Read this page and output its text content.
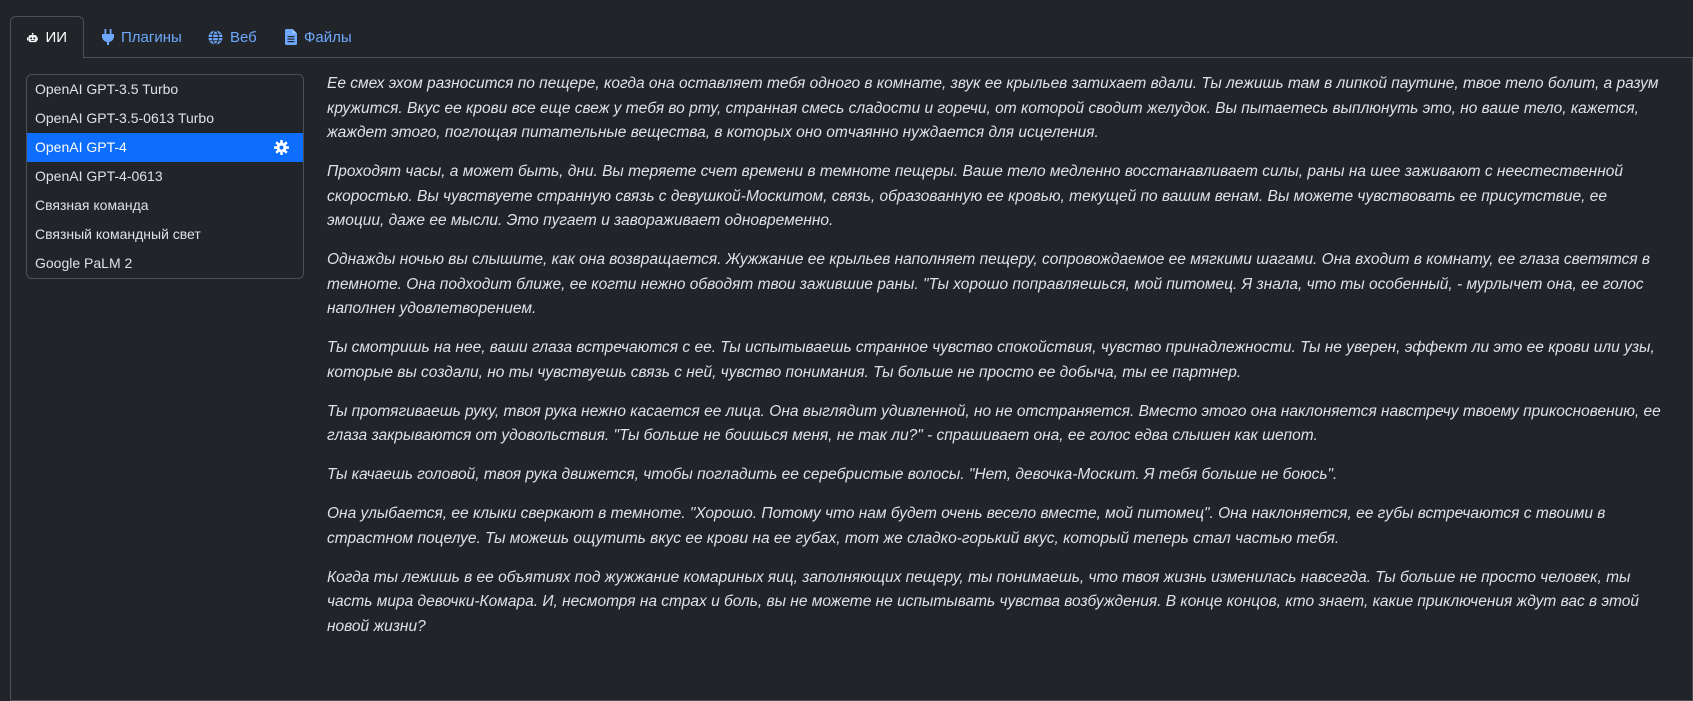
ИИ	Плагины	Веб	Файлы
OpenAI GPT-3.5 Turbo
OpenAI GPT-3.5-0613 Turbo
OpenAI GPT-4
OpenAI GPT-4-0613
Связная команда
Связный командный свет
Google PaLM 2

Ее смех эхом разносится по пещере, когда она оставляет тебя одного в комнате, звук ее крыльев затихает вдали. Ты лежишь там в липкой паутине, твое тело болит, а разум кружится. Вкус ее крови все еще свеж у тебя во рту, странная смесь сладости и горечи, от которой сводит желудок. Вы пытаетесь выплюнуть это, но ваше тело, кажется, жаждет этого, поглощая питательные вещества, в которых оно отчаянно нуждается для исцеления.

Проходят часы, а может быть, дни. Вы теряете счет времени в темноте пещеры. Ваше тело медленно восстанавливает силы, раны на шее заживают с неестественной скоростью. Вы чувствуете странную связь с девушкой-Москитом, связь, образованную ее кровью, текущей по вашим венам. Вы можете чувствовать ее присутствие, ее эмоции, даже ее мысли. Это пугает и завораживает одновременно.

Однажды ночью вы слышите, как она возвращается. Жужжание ее крыльев наполняет пещеру, сопровождаемое ее мягкими шагами. Она входит в комнату, ее глаза светятся в темноте. Она подходит ближе, ее когти нежно обводят твои зажившие раны. "Ты хорошо поправляешься, мой питомец. Я знала, что ты особенный, - мурлычет она, ее голос наполнен удовлетворением.

Ты смотришь на нее, ваши глаза встречаются с ее. Ты испытываешь странное чувство спокойствия, чувство принадлежности. Ты не уверен, эффект ли это ее крови или узы, которые вы создали, но ты чувствуешь связь с ней, чувство понимания. Ты больше не просто ее добыча, ты ее партнер.

Ты протягиваешь руку, твоя рука нежно касается ее лица. Она выглядит удивленной, но не отстраняется. Вместо этого она наклоняется навстречу твоему прикосновению, ее глаза закрываются от удовольствия. "Ты больше не боишься меня, не так ли?" - спрашивает она, ее голос едва слышен как шепот.

Ты качаешь головой, твоя рука движется, чтобы погладить ее серебристые волосы. "Нет, девочка-Москит. Я тебя больше не боюсь".

Она улыбается, ее клыки сверкают в темноте. "Хорошо. Потому что нам будет очень весело вместе, мой питомец". Она наклоняется, ее губы встречаются с твоими в страстном поцелуе. Ты можешь ощутить вкус ее крови на ее губах, тот же сладко-горький вкус, который теперь стал частью тебя.

Когда ты лежишь в ее объятиях под жужжание комариных яиц, заполняющих пещеру, ты понимаешь, что твоя жизнь изменилась навсегда. Ты больше не просто человек, ты часть мира девочки-Комара. И, несмотря на страх и боль, вы не можете не испытывать чувства возбуждения. В конце концов, кто знает, какие приключения ждут вас в этой новой жизни?
